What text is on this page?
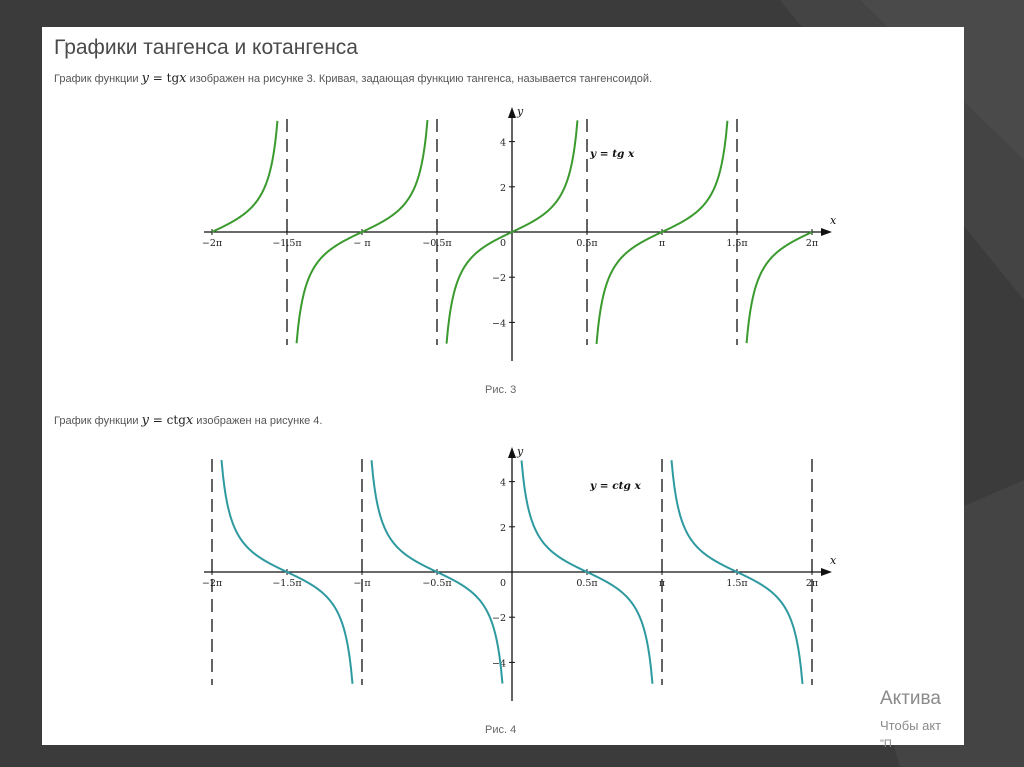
Графики тангенса и котангенса
График функции y = tgx изображен на рисунке 3. Кривая, задающая функцию тангенса, называется тангенсоидой.
x
y
−2π	−1.5π	− π	−0.5π	0	0.5π	π	1.5π	2π
−4
−2
2
4
y = tg x
Рис. 3
График функции y = ctgx изображен на рисунке 4.
x
y
−2π	−1.5π	− π	−0.5π	0	0.5π	π	1.5π	2π
−4
−2
2
4	y = ctg x
Рис. 4
Актива
Чтобы акт
"П
